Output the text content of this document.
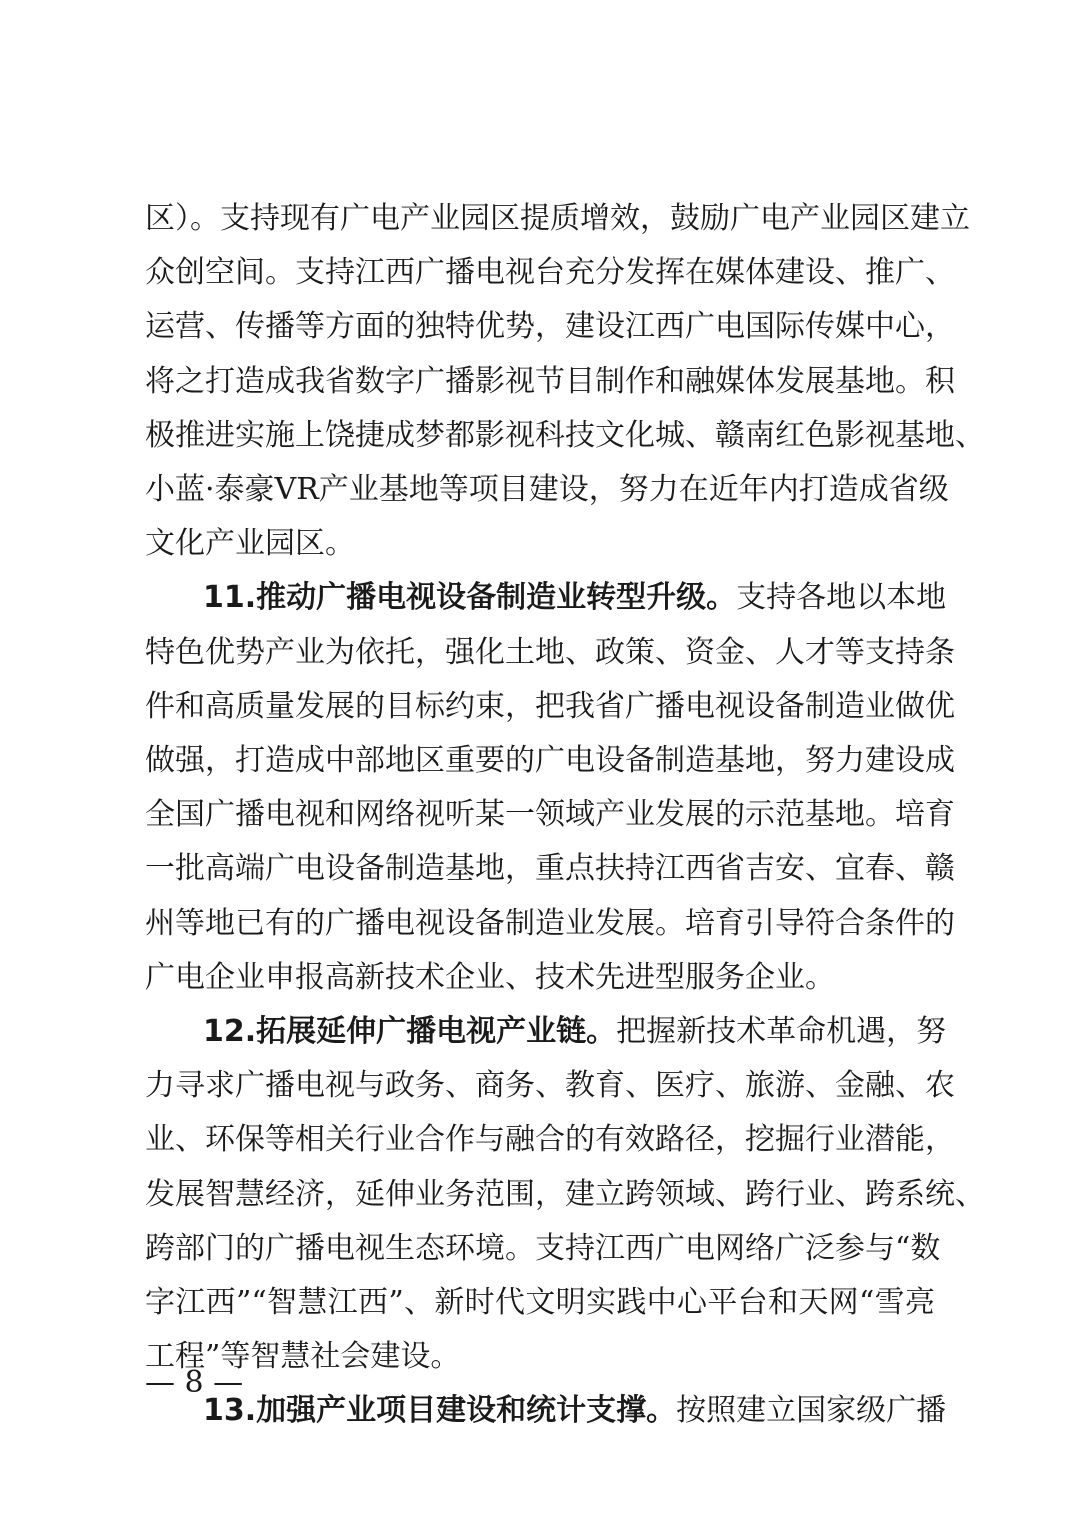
区）。支持现有广电产业园区提质增效，鼓励广电产业园区建立
众创空间。支持江西广播电视台充分发挥在媒体建设、推广、
运营、传播等方面的独特优势，建设江西广电国际传媒中心，
将之打造成我省数字广播影视节目制作和融媒体发展基地。积
极推进实施上饶捷成梦都影视科技文化城、赣南红色影视基地、
小蓝·泰豪VR产业基地等项目建设，努力在近年内打造成省级
文化产业园区。
11.推动广播电视设备制造业转型升级。支持各地以本地
特色优势产业为依托，强化土地、政策、资金、人才等支持条
件和高质量发展的目标约束，把我省广播电视设备制造业做优
做强，打造成中部地区重要的广电设备制造基地，努力建设成
全国广播电视和网络视听某一领域产业发展的示范基地。培育
一批高端广电设备制造基地，重点扶持江西省吉安、宜春、赣
州等地已有的广播电视设备制造业发展。培育引导符合条件的
广电企业申报高新技术企业、技术先进型服务企业。
12.拓展延伸广播电视产业链。把握新技术革命机遇，努
力寻求广播电视与政务、商务、教育、医疗、旅游、金融、农
业、环保等相关行业合作与融合的有效路径，挖掘行业潜能，
发展智慧经济，延伸业务范围，建立跨领域、跨行业、跨系统、
跨部门的广播电视生态环境。支持江西广电网络广泛参与“数
字江西”“智慧江西”、新时代文明实践中心平台和天网“雪亮
工程”等智慧社会建设。
13.加强产业项目建设和统计支撑。按照建立国家级广播
— 8 —
